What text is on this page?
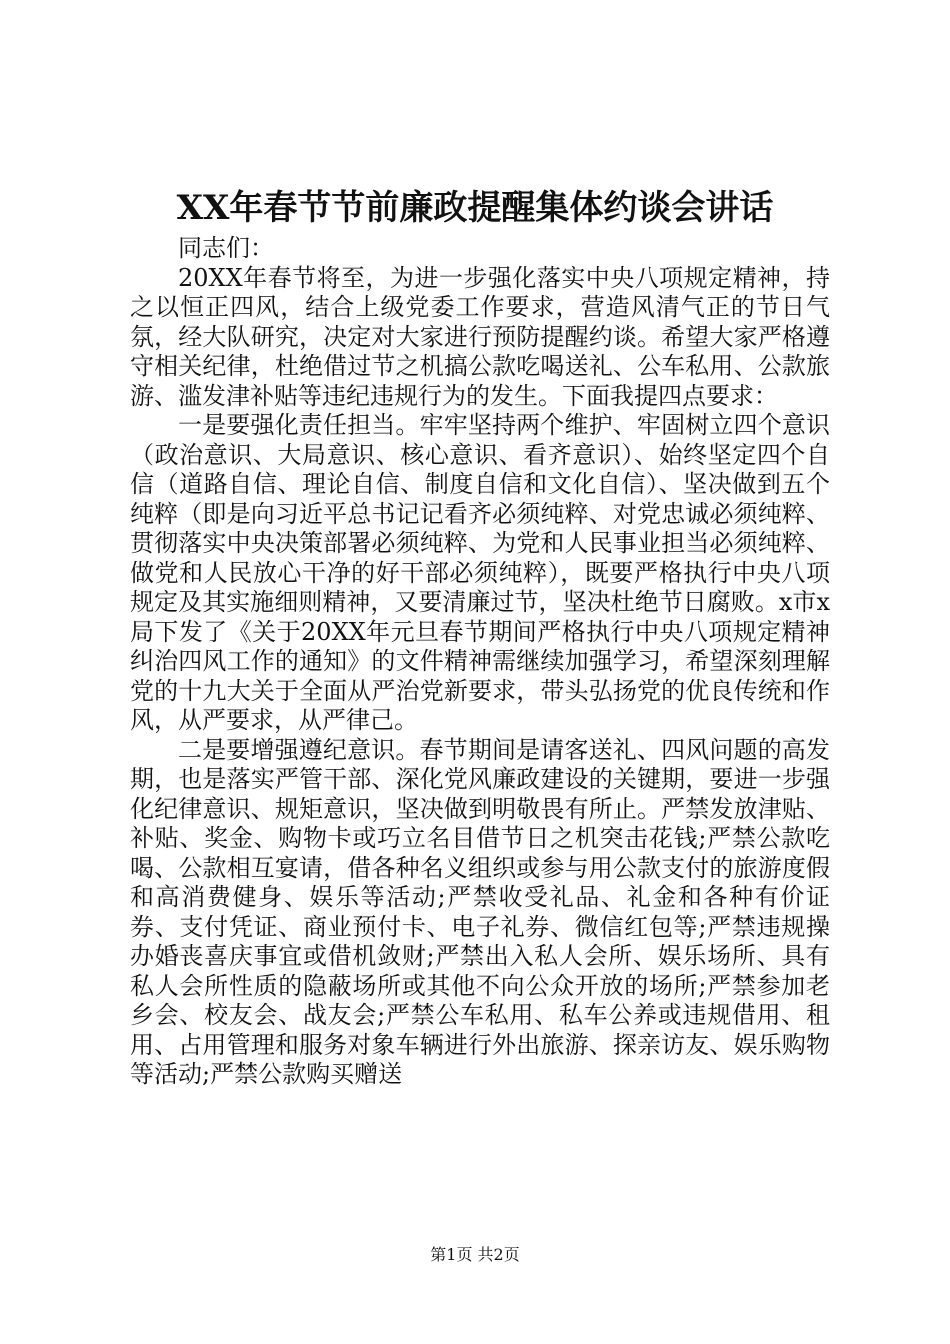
XX年春节节前廉政提醒集体约谈会讲话

同志们：

20XX年春节将至，为进一步强化落实中央八项规定精神，持之以恒正四风，结合上级党委工作要求，营造风清气正的节日气氛，经大队研究，决定对大家进行预防提醒约谈。希望大家严格遵守相关纪律，杜绝借过节之机搞公款吃喝送礼、公车私用、公款旅游、滥发津补贴等违纪违规行为的发生。下面我提四点要求：

一是要强化责任担当。牢牢坚持两个维护、牢固树立四个意识（政治意识、大局意识、核心意识、看齐意识）、始终坚定四个自信（道路自信、理论自信、制度自信和文化自信）、坚决做到五个纯粹（即是向习近平总书记记看齐必须纯粹、对党忠诚必须纯粹、贯彻落实中央决策部署必须纯粹、为党和人民事业担当必须纯粹、做党和人民放心干净的好干部必须纯粹），既要严格执行中央八项规定及其实施细则精神，又要清廉过节，坚决杜绝节日腐败。x市x局下发了《关于20XX年元旦春节期间严格执行中央八项规定精神纠治四风工作的通知》的文件精神需继续加强学习，希望深刻理解党的十九大关于全面从严治党新要求，带头弘扬党的优良传统和作风，从严要求，从严律己。

二是要增强遵纪意识。春节期间是请客送礼、四风问题的高发期，也是落实严管干部、深化党风廉政建设的关键期，要进一步强化纪律意识、规矩意识，坚决做到明敬畏有所止。严禁发放津贴、补贴、奖金、购物卡或巧立名目借节日之机突击花钱;严禁公款吃喝、公款相互宴请，借各种名义组织或参与用公款支付的旅游度假和高消费健身、娱乐等活动;严禁收受礼品、礼金和各种有价证券、支付凭证、商业预付卡、电子礼券、微信红包等;严禁违规操办婚丧喜庆事宜或借机敛财;严禁出入私人会所、娱乐场所、具有私人会所性质的隐蔽场所或其他不向公众开放的场所;严禁参加老乡会、校友会、战友会;严禁公车私用、私车公养或违规借用、租用、占用管理和服务对象车辆进行外出旅游、探亲访友、娱乐购物等活动;严禁公款购买赠送

第1页 共2页
